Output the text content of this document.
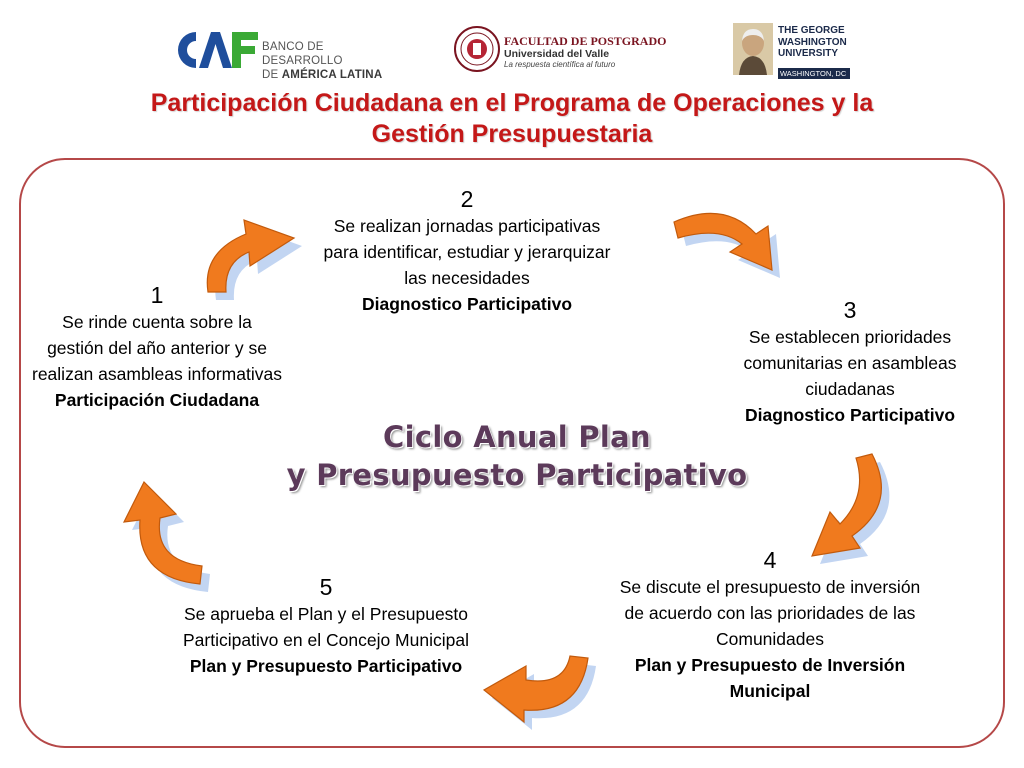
BANCO DE DESARROLLO
DE AMÉRICA LATINA
FACULTAD DE POSTGRADO
Universidad del Valle
La respuesta científica al futuro
THE GEORGE
WASHINGTON
UNIVERSITY
WASHINGTON, DC
Participación Ciudadana en el Programa de Operaciones y la
Gestión Presupuestaria
1
Se rinde cuenta sobre la gestión del año anterior y se realizan asambleas informativas
Participación Ciudadana
2
Se realizan jornadas participativas para identificar, estudiar y jerarquizar las necesidades
Diagnostico Participativo	3
Se establecen prioridades comunitarias en asambleas ciudadanas
Diagnostico Participativo
4
Se discute el presupuesto de inversión de acuerdo con las prioridades de las Comunidades
Plan y Presupuesto de Inversión Municipal
5
Se aprueba el Plan y el Presupuesto Participativo en el Concejo Municipal
Plan y Presupuesto Participativo
Ciclo Anual Plan
y Presupuesto Participativo
